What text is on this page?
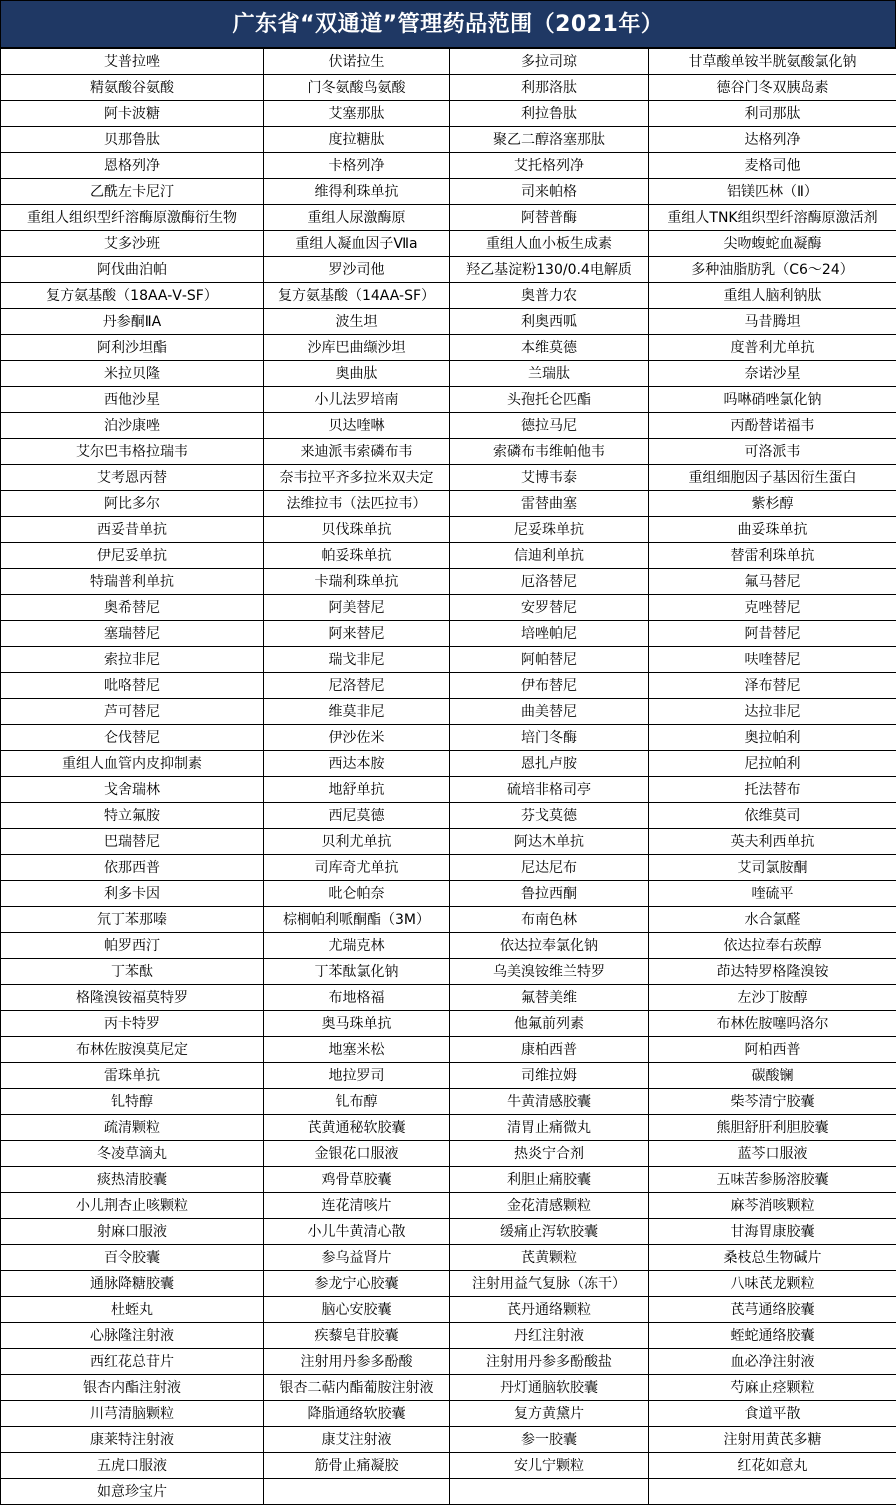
广东省“双通道”管理药品范围（2021年）
艾普拉唑	伏诺拉生	多拉司琼	甘草酸单铵半胱氨酸氯化钠
精氨酸谷氨酸	门冬氨酸鸟氨酸	利那洛肽	德谷门冬双胰岛素
阿卡波糖	艾塞那肽	利拉鲁肽	利司那肽
贝那鲁肽	度拉糖肽	聚乙二醇洛塞那肽	达格列净
恩格列净	卡格列净	艾托格列净	麦格司他
乙酰左卡尼汀	维得利珠单抗	司来帕格	铝镁匹林（Ⅱ）
重组人组织型纤溶酶原激酶衍生物	重组人尿激酶原	阿替普酶	重组人TNK组织型纤溶酶原激活剂
艾多沙班	重组人凝血因子Ⅶa	重组人血小板生成素	尖吻蝮蛇血凝酶
阿伐曲泊帕	罗沙司他	羟乙基淀粉130/0.4电解质	多种油脂肪乳（C6～24）
复方氨基酸（18AA-Ⅴ-SF）	复方氨基酸（14AA-SF）	奥普力农	重组人脑利钠肽
丹参酮ⅡA	波生坦	利奥西呱	马昔腾坦
阿利沙坦酯	沙库巴曲缬沙坦	本维莫德	度普利尤单抗
米拉贝隆	奥曲肽	兰瑞肽	奈诺沙星
西他沙星	小儿法罗培南	头孢托仑匹酯	吗啉硝唑氯化钠
泊沙康唑	贝达喹啉	德拉马尼	丙酚替诺福韦
艾尔巴韦格拉瑞韦	来迪派韦索磷布韦	索磷布韦维帕他韦	可洛派韦
艾考恩丙替	奈韦拉平齐多拉米双夫定	艾博韦泰	重组细胞因子基因衍生蛋白
阿比多尔	法维拉韦（法匹拉韦）	雷替曲塞	紫杉醇
西妥昔单抗	贝伐珠单抗	尼妥珠单抗	曲妥珠单抗
伊尼妥单抗	帕妥珠单抗	信迪利单抗	替雷利珠单抗
特瑞普利单抗	卡瑞利珠单抗	厄洛替尼	氟马替尼
奥希替尼	阿美替尼	安罗替尼	克唑替尼
塞瑞替尼	阿来替尼	培唑帕尼	阿昔替尼
索拉非尼	瑞戈非尼	阿帕替尼	呋喹替尼
吡咯替尼	尼洛替尼	伊布替尼	泽布替尼
芦可替尼	维莫非尼	曲美替尼	达拉非尼
仑伐替尼	伊沙佐米	培门冬酶	奥拉帕利
重组人血管内皮抑制素	西达本胺	恩扎卢胺	尼拉帕利
戈舍瑞林	地舒单抗	硫培非格司亭	托法替布
特立氟胺	西尼莫德	芬戈莫德	依维莫司
巴瑞替尼	贝利尤单抗	阿达木单抗	英夫利西单抗
依那西普	司库奇尤单抗	尼达尼布	艾司氯胺酮
利多卡因	吡仑帕奈	鲁拉西酮	喹硫平
氘丁苯那嗪	棕榈帕利哌酮酯（3M）	布南色林	水合氯醛
帕罗西汀	尤瑞克林	依达拉奉氯化钠	依达拉奉右莰醇
丁苯酞	丁苯酞氯化钠	乌美溴铵维兰特罗	茚达特罗格隆溴铵
格隆溴铵福莫特罗	布地格福	氟替美维	左沙丁胺醇
丙卡特罗	奥马珠单抗	他氟前列素	布林佐胺噻吗洛尔
布林佐胺溴莫尼定	地塞米松	康柏西普	阿柏西普
雷珠单抗	地拉罗司	司维拉姆	碳酸镧
钆特醇	钆布醇	牛黄清感胶囊	柴芩清宁胶囊
疏清颗粒	芪黄通秘软胶囊	清胃止痛微丸	熊胆舒肝利胆胶囊
冬凌草滴丸	金银花口服液	热炎宁合剂	蓝芩口服液
痰热清胶囊	鸡骨草胶囊	利胆止痛胶囊	五味苦参肠溶胶囊
小儿荆杏止咳颗粒	连花清咳片	金花清感颗粒	麻芩消咳颗粒
射麻口服液	小儿牛黄清心散	缓痛止泻软胶囊	甘海胃康胶囊
百令胶囊	参乌益肾片	芪黄颗粒	桑枝总生物碱片
通脉降糖胶囊	参龙宁心胶囊	注射用益气复脉（冻干）	八味芪龙颗粒
杜蛭丸	脑心安胶囊	芪丹通络颗粒	芪芎通络胶囊
心脉隆注射液	疾藜皂苷胶囊	丹红注射液	蛭蛇通络胶囊
西红花总苷片	注射用丹参多酚酸	注射用丹参多酚酸盐	血必净注射液
银杏内酯注射液	银杏二萜内酯葡胺注射液	丹灯通脑软胶囊	芍麻止痉颗粒
川芎清脑颗粒	降脂通络软胶囊	复方黄黛片	食道平散
康莱特注射液	康艾注射液	参一胶囊	注射用黄芪多糖
五虎口服液	筋骨止痛凝胶	安儿宁颗粒	红花如意丸
如意珍宝片			
